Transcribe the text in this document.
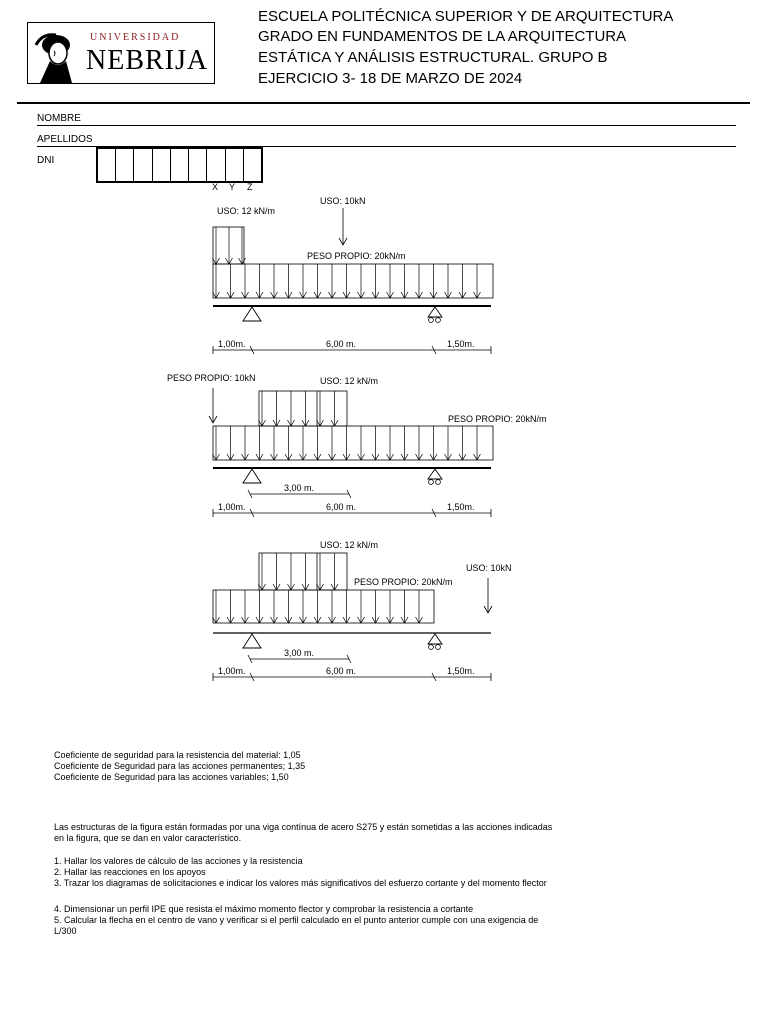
UNIVERSIDAD
NEBRIJA
ESCUELA POLITÉCNICA SUPERIOR Y DE ARQUITECTURA
GRADO EN FUNDAMENTOS DE LA ARQUITECTURA
ESTÁTICA Y ANÁLISIS ESTRUCTURAL. GRUPO B
EJERCICIO 3- 18 DE MARZO DE 2024
NOMBRE
APELLIDOS
DNI
X Y Z
USO: 12 kN/m
USO: 10kN
PESO PROPIO: 20kN/m
1,00m.	6,00 m.	1,50m.
PESO PROPIO: 10kN	USO: 12 kN/m
PESO PROPIO: 20kN/m
3,00 m.
1,00m.	6,00 m.	1,50m.
USO: 12 kN/m
USO: 10kN
PESO PROPIO: 20kN/m
3,00 m.
1,00m.	6,00 m.	1,50m.
Coeficiente de seguridad para la resistencia del material: 1,05
Coeficiente de Seguridad para las acciones permanentes; 1,35
Coeficiente de Seguridad para las acciones variables; 1,50
Las estructuras de la figura están formadas por una viga contínua de acero S275 y están sometidas a las acciones indicadas en la figura, que se dan en valor característico.
1. Hallar los valores de cálculo de las acciones y la resistencia
2. Hallar las reacciones en los apoyos
3. Trazar los diagramas de solicitaciones e indicar los valores más significativos del esfuerzo cortante y del momento flector
4. Dimensionar un perfil IPE que resista el máximo momento flector y comprobar la resistencia a cortante
5. Calcular la flecha en el centro de vano y verificar si el perfil calculado en el punto anterior cumple con una exigencia de L/300
